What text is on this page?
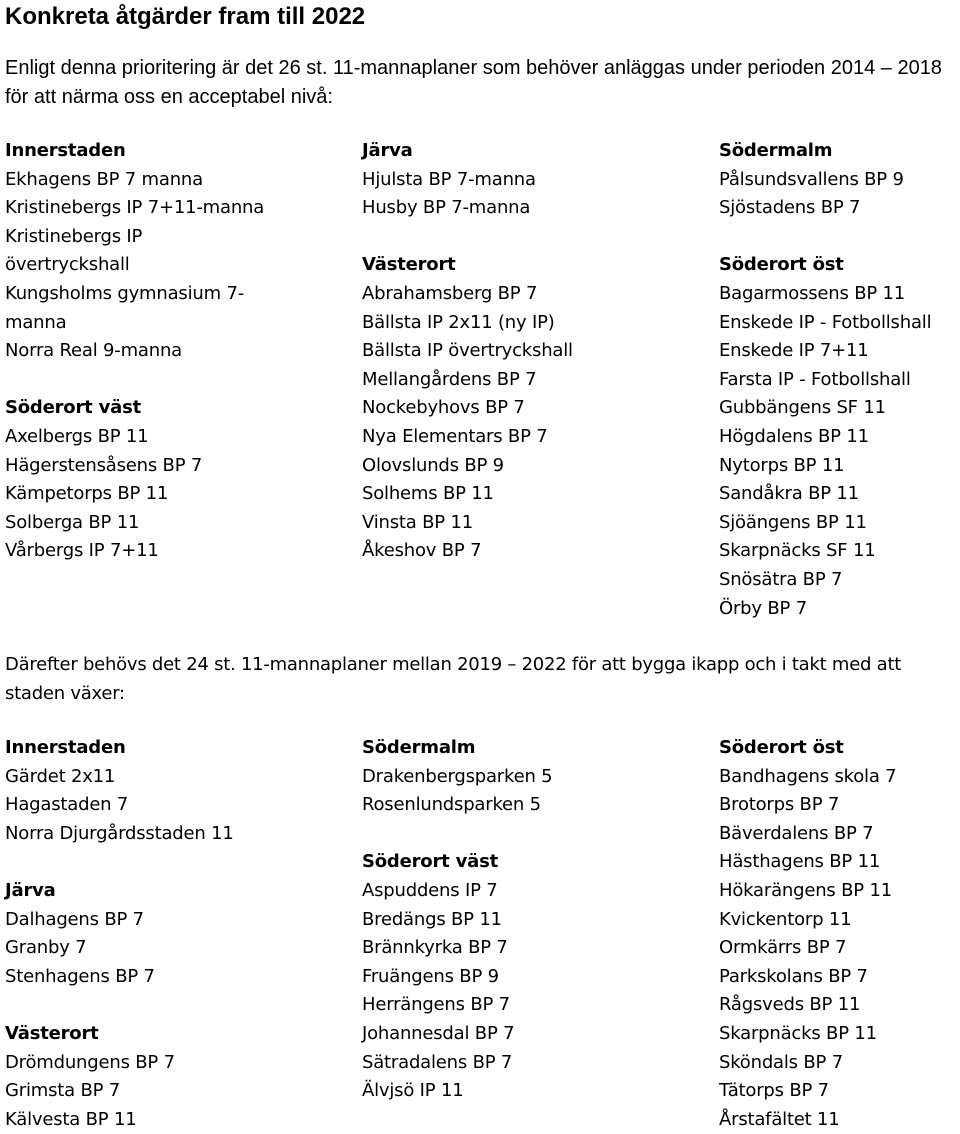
Konkreta åtgärder fram till 2022
Enligt denna prioritering är det 26 st. 11-mannaplaner som behöver anläggas under perioden 2014 – 2018 för att närma oss en acceptabel nivå:
Innerstaden
Ekhagens BP 7 manna
Kristinebergs IP 7+11-manna
Kristinebergs IP
övertryckshall
Kungsholms gymnasium 7-
manna
Norra Real 9-manna
Söderort väst
Axelbergs BP 11
Hägerstensåsens BP 7
Kämpetorps BP 11
Solberga BP 11
Vårbergs IP 7+11
Järva
Hjulsta BP 7-manna
Husby BP 7-manna
Västerort
Abrahamsberg BP 7
Bällsta IP 2x11 (ny IP)
Bällsta IP övertryckshall
Mellangårdens BP 7
Nockebyhovs BP 7
Nya Elementars BP 7
Olovslunds BP 9
Solhems BP 11
Vinsta BP 11
Åkeshov BP 7
Södermalm
Pålsundsvallens BP 9
Sjöstadens BP 7
Söderort öst
Bagarmossens BP 11
Enskede IP - Fotbollshall
Enskede IP 7+11
Farsta IP - Fotbollshall
Gubbängens SF 11
Högdalens BP 11
Nytorps BP 11
Sandåkra BP 11
Sjöängens BP 11
Skarpnäcks SF 11
Snösätra BP 7
Örby BP 7
Därefter behövs det 24 st. 11-mannaplaner mellan 2019 – 2022 för att bygga ikapp och i takt med att staden växer:
Innerstaden
Gärdet 2x11
Hagastaden 7
Norra Djurgårdsstaden 11
Järva
Dalhagens BP 7
Granby 7
Stenhagens BP 7
Västerort
Drömdungens BP 7
Grimsta BP 7
Kälvesta BP 11
Södermalm
Drakenbergsparken 5
Rosenlundsparken 5
Söderort väst
Aspuddens IP 7
Bredängs BP 11
Brännkyrka BP 7
Fruängens BP 9
Herrängens BP 7
Johannesdal BP 7
Sätradalens BP 7
Älvjsö IP 11
Söderort öst
Bandhagens skola 7
Brotorps BP 7
Bäverdalens BP 7
Hästhagens BP 11
Hökarängens BP 11
Kvickentorp 11
Ormkärrs BP 7
Parkskolans BP 7
Rågsveds BP 11
Skarpnäcks BP 11
Sköndals BP 7
Tätorps BP 7
Årstafältet 11
